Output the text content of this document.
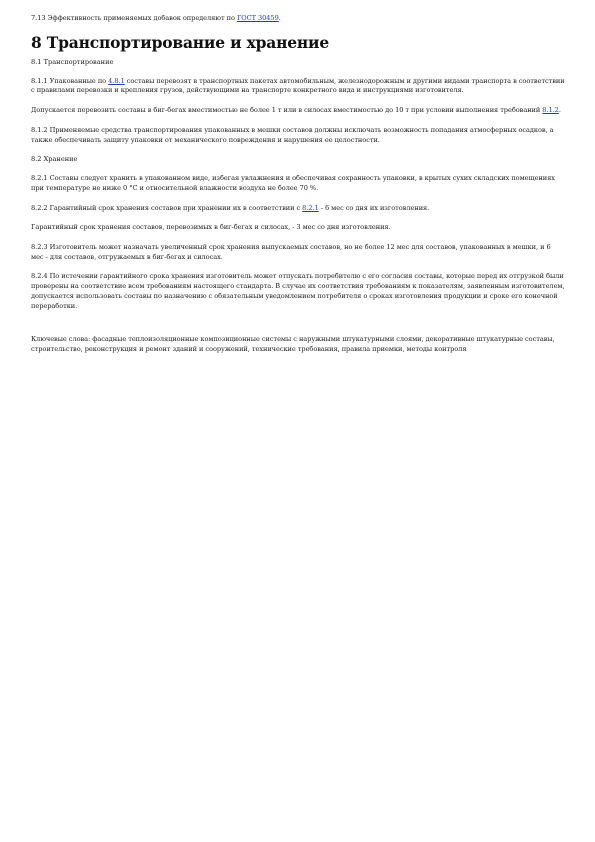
7.13 Эффективность применяемых добавок определяют по ГОСТ 30459.

8 Транспортирование и хранение
8.1 Транспортирование

8.1.1 Упакованные по 4.8.1 составы перевозят в транспортных пакетах автомобильным, железнодорожным и другими видами транспорта в соответствии с правилами перевозки и крепления грузов, действующими на транспорте конкретного вида и инструкциями изготовителя.

Допускается перевозить составы в биг-бегах вместимостью не более 1 т или в силосах вместимостью до 10 т при условии выполнения требований 8.1.2.

8.1.2 Применяемые средства транспортирования упакованных в мешки составов должны исключать возможность попадания атмосферных осадков, а также обеспечивать защиту упаковки от механического повреждения и нарушения ее целостности.

8.2 Хранение

8.2.1 Составы следует хранить в упакованном виде, избегая увлажнения и обеспечивая сохранность упаковки, в крытых сухих складских помещениях при температуре не ниже 0 °С и относительной влажности воздуха не более 70 %.

8.2.2 Гарантийный срок хранения составов при хранении их в соответствии с 8.2.1 - 6 мес со дня их изготовления.

Гарантийный срок хранения составов, перевозимых в биг-бегах и силосах, - 3 мес со дня изготовления.

8.2.3 Изготовитель может назначать увеличенный срок хранения выпускаемых составов, но не более 12 мес для составов, упакованных в мешки, и 6 мес - для составов, отгружаемых в биг-бегах и силосах.

8.2.4 По истечении гарантийного срока хранения изготовитель может отпускать потребителю с его согласия составы, которые перед их отгрузкой были проверены на соответствие всем требованиям настоящего стандарта. В случае их соответствия требованиям к показателям, заявленным изготовителем, допускается использовать составы по назначению с обязательным уведомлением потребителя о сроках изготовления продукции и сроке его конечной переработки.

Ключевые слова: фасадные теплоизоляционные композиционные системы с наружными штукатурными слоями, декоративные штукатурные составы, строительство, реконструкция и ремонт зданий и сооружений, технические требования, правила приемки, методы контроля
